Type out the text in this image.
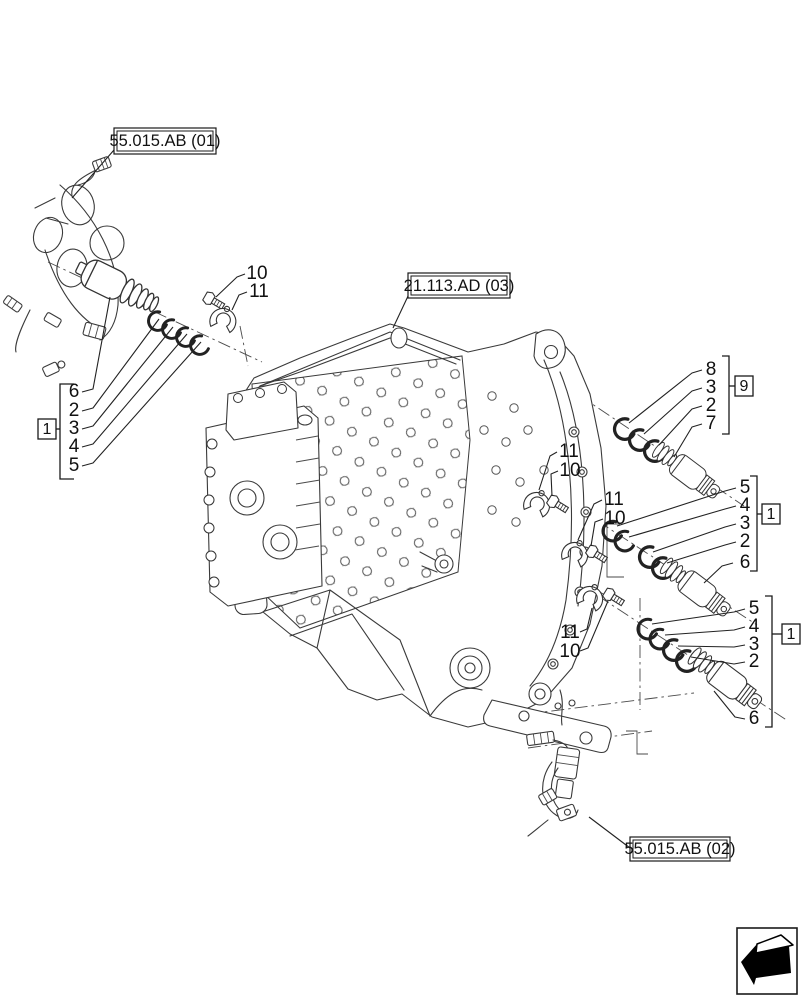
6
2
3
4
5
1
10
11
55.015.AB (01)
21.113.AD (03)
8
3
2
7
9
5
4
3
2
6
1
5
4
3
2
6
1
11
10
11
10
11
10
55.015.AB (02)
